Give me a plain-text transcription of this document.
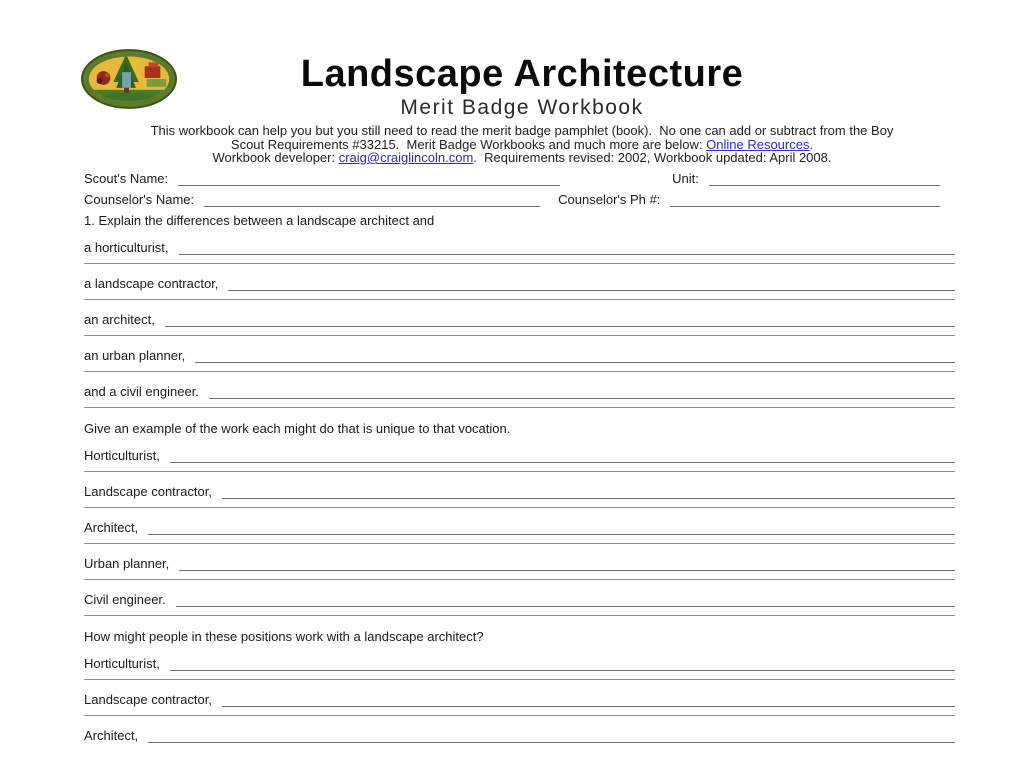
Landscape Architecture
Merit Badge Workbook
This workbook can help you but you still need to read the merit badge pamphlet (book).  No one can add or subtract from the Boy
Scout Requirements #33215.  Merit Badge Workbooks and much more are below: Online Resources.
Workbook developer: craig@craiglincoln.com.  Requirements revised: 2002, Workbook updated: April 2008.
Scout's Name:	Unit:
Counselor's Name:	Counselor's Ph #:
1. Explain the differences between a landscape architect and
a horticulturist,
a landscape contractor,
an architect,
an urban planner,
and a civil engineer.
Give an example of the work each might do that is unique to that vocation.
Horticulturist,
Landscape contractor,
Architect,
Urban planner,
Civil engineer.
How might people in these positions work with a landscape architect?
Horticulturist,
Landscape contractor,
Architect,
